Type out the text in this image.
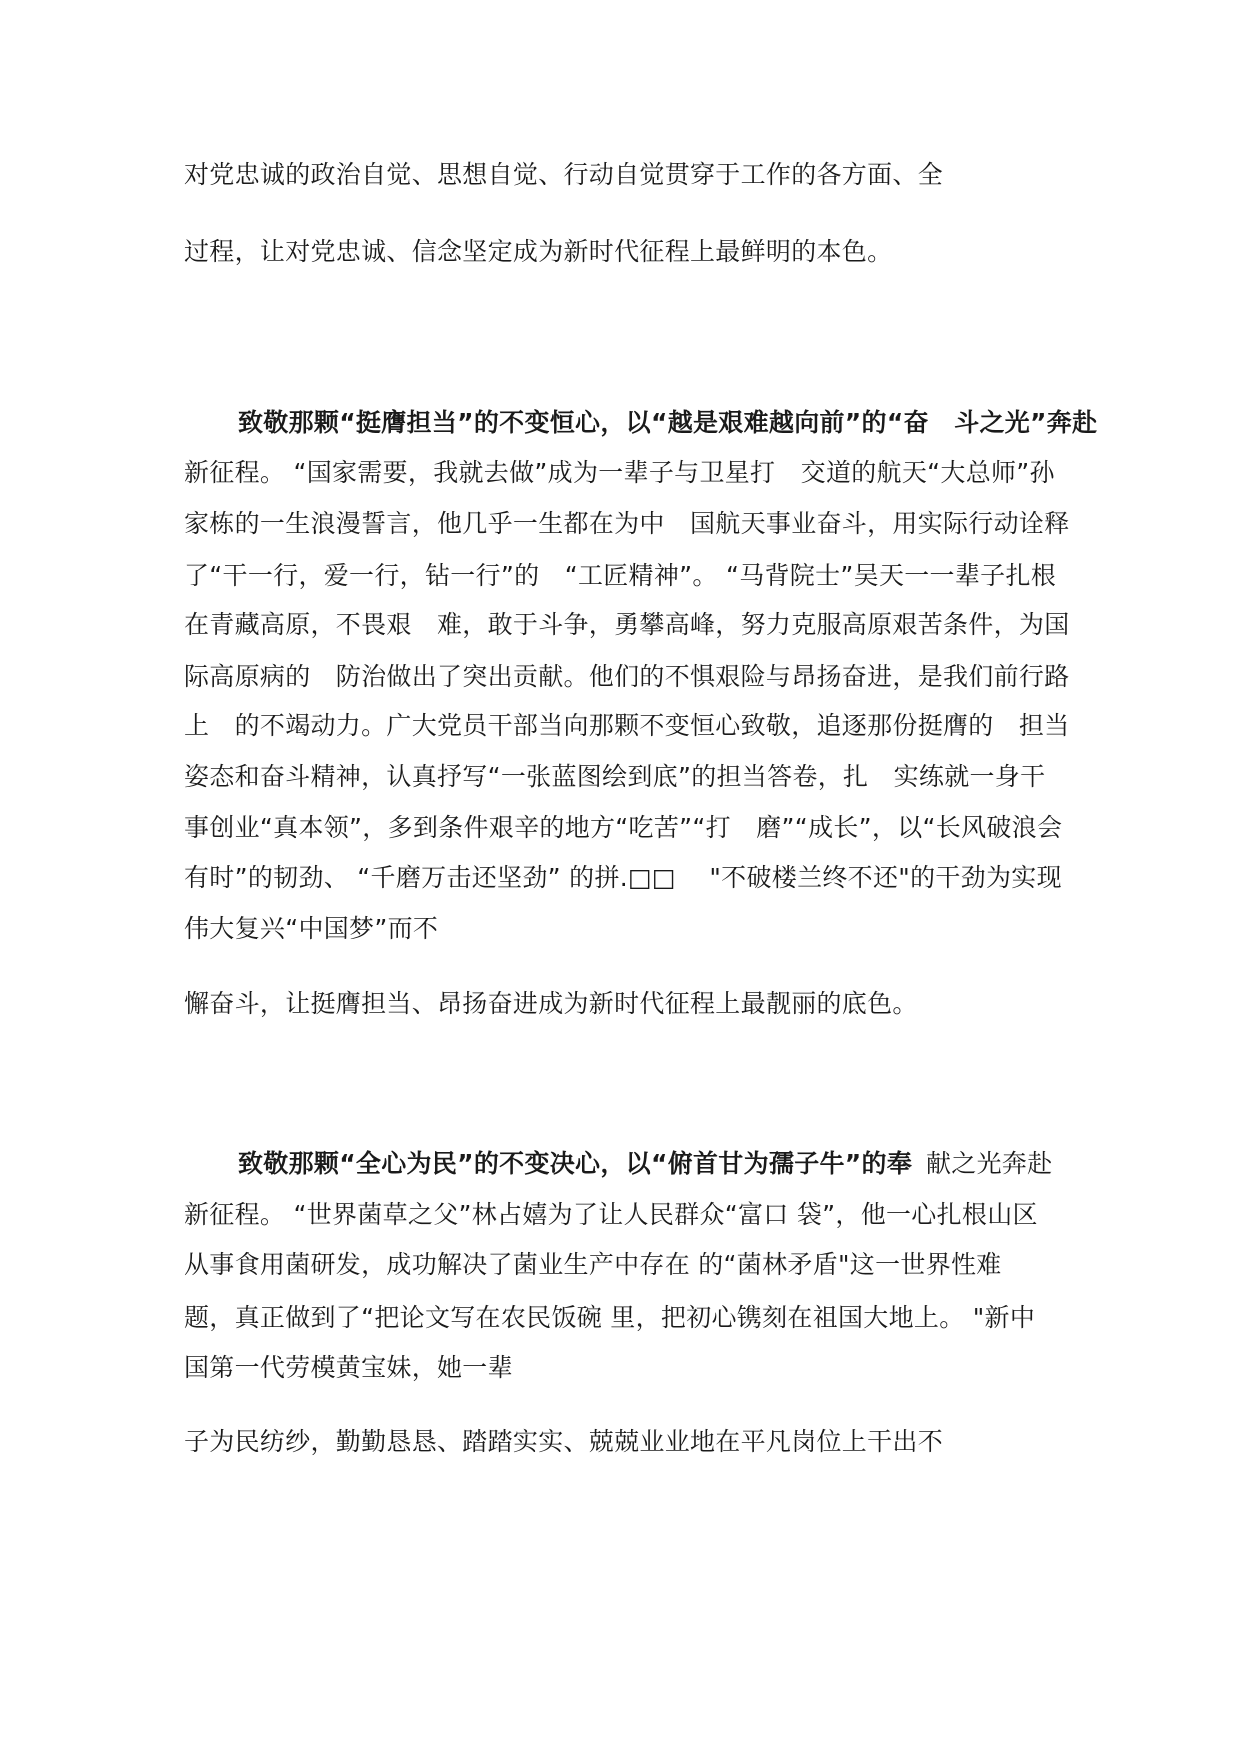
对党忠诚的政治自觉、思想自觉、行动自觉贯穿于工作的各方面、全
过程，让对党忠诚、信念坚定成为新时代征程上最鲜明的本色。
致敬那颗“挺膺担当”的不变恒心，以“越是艰难越向前”的“奋　斗之光”奔赴
新征程。 “国家需要，我就去做”成为一辈子与卫星打　交道的航天“大总师”孙
家栋的一生浪漫誓言，他几乎一生都在为中　国航天事业奋斗，用实际行动诠释
了“干一行，爱一行，钻一行”的　“工匠精神”。 “马背院士”吴天一一辈子扎根
在青藏高原，不畏艰　难，敢于斗争，勇攀高峰，努力克服高原艰苦条件，为国
际高原病的　防治做出了突出贡献。他们的不惧艰险与昂扬奋进，是我们前行路
上　的不竭动力。广大党员干部当向那颗不变恒心致敬，追逐那份挺膺的　担当
姿态和奋斗精神，认真抒写“一张蓝图绘到底”的担当答卷，扎　实练就一身干
事创业“真本领”，多到条件艰辛的地方“吃苦”“打　磨”“成长”，以“长风破浪会
有时”的韧劲、 “千磨万击还坚劲” 的拼.□□　 "不破楼兰终不还"的干劲为实现
伟大复兴“中国梦”而不
懈奋斗，让挺膺担当、昂扬奋进成为新时代征程上最靓丽的底色。
致敬那颗“全心为民”的不变决心，以“俯首甘为孺子牛”的奉 献之光奔赴
新征程。 “世界菌草之父”林占嬉为了让人民群众“富口 袋”，他一心扎根山区
从事食用菌研发，成功解决了菌业生产中存在 的“菌林矛盾"这一世界性难
题，真正做到了“把论文写在农民饭碗 里，把初心镌刻在祖国大地上。 "新中
国第一代劳模黄宝妹，她一辈
子为民纺纱，勤勤恳恳、踏踏实实、兢兢业业地在平凡岗位上干出不
